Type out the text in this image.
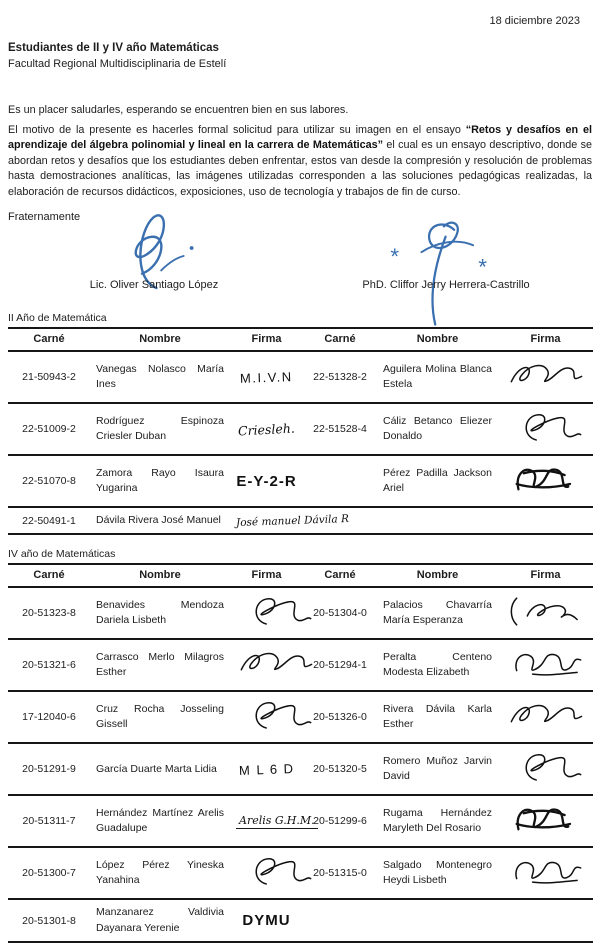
18 diciembre 2023
Estudiantes de II y IV año Matemáticas
Facultad Regional Multidisciplinaria de Estelí

Es un placer saludarles, esperando se encuentren bien en sus labores.

El motivo de la presente es hacerles formal solicitud para utilizar su imagen en el ensayo “Retos y desafíos en el aprendizaje del álgebra polinomial y lineal en la carrera de Matemáticas” el cual es un ensayo descriptivo, donde se abordan retos y desafíos que los estudiantes deben enfrentar, estos van desde la compresión y resolución de problemas hasta demostraciones analíticas, las imágenes utilizadas corresponden a las soluciones pedagógicas realizadas, la elaboración de recursos didácticos, exposiciones, uso de tecnología y trabajos de fin de curso.

Fraternamente
Lic. Oliver Santiago López
*	*
PhD. Cliffor Jerry Herrera-Castrillo
II Año de Matemática
Carné	Nombre	Firma	Carné	Nombre	Firma
21-50943-2	Vanegas Nolasco María Ines	M.I.V.N	22-51328-2	Aguilera Molina Blanca Estela	
22-51009-2	Rodríguez Espinoza Criesler Duban	Criesleh.	22-51528-4	Cáliz Betanco Eliezer Donaldo	
22-51070-8	Zamora Rayo Isaura Yugarina	E-Y-2-R		Pérez Padilla Jackson Ariel	
22-50491-1	Dávila Rivera José Manuel	José manuel Dávila R			
IV año de Matemáticas
Carné	Nombre	Firma	Carné	Nombre	Firma
20-51323-8	Benavides Mendoza Dariela Lisbeth		20-51304-0	Palacios Chavarría María Esperanza	
20-51321-6	Carrasco Merlo Milagros Esther		20-51294-1	Peralta Centeno Modesta Elizabeth	
17-12040-6	Cruz Rocha Josseling Gissell		20-51326-0	Rivera Dávila Karla Esther	
20-51291-9	García Duarte Marta Lidia	M L 6 D	20-51320-5	Romero Muñoz Jarvin David	
20-51311-7	Hernández Martínez Arelis Guadalupe	Arelis G.H.M.	20-51299-6	Rugama Hernández Maryleth Del Rosario	
20-51300-7	López Pérez Yineska Yanahina		20-51315-0	Salgado Montenegro Heydi Lisbeth	
20-51301-8	Manzanarez Valdivia Dayanara Yerenie	DYMU			
